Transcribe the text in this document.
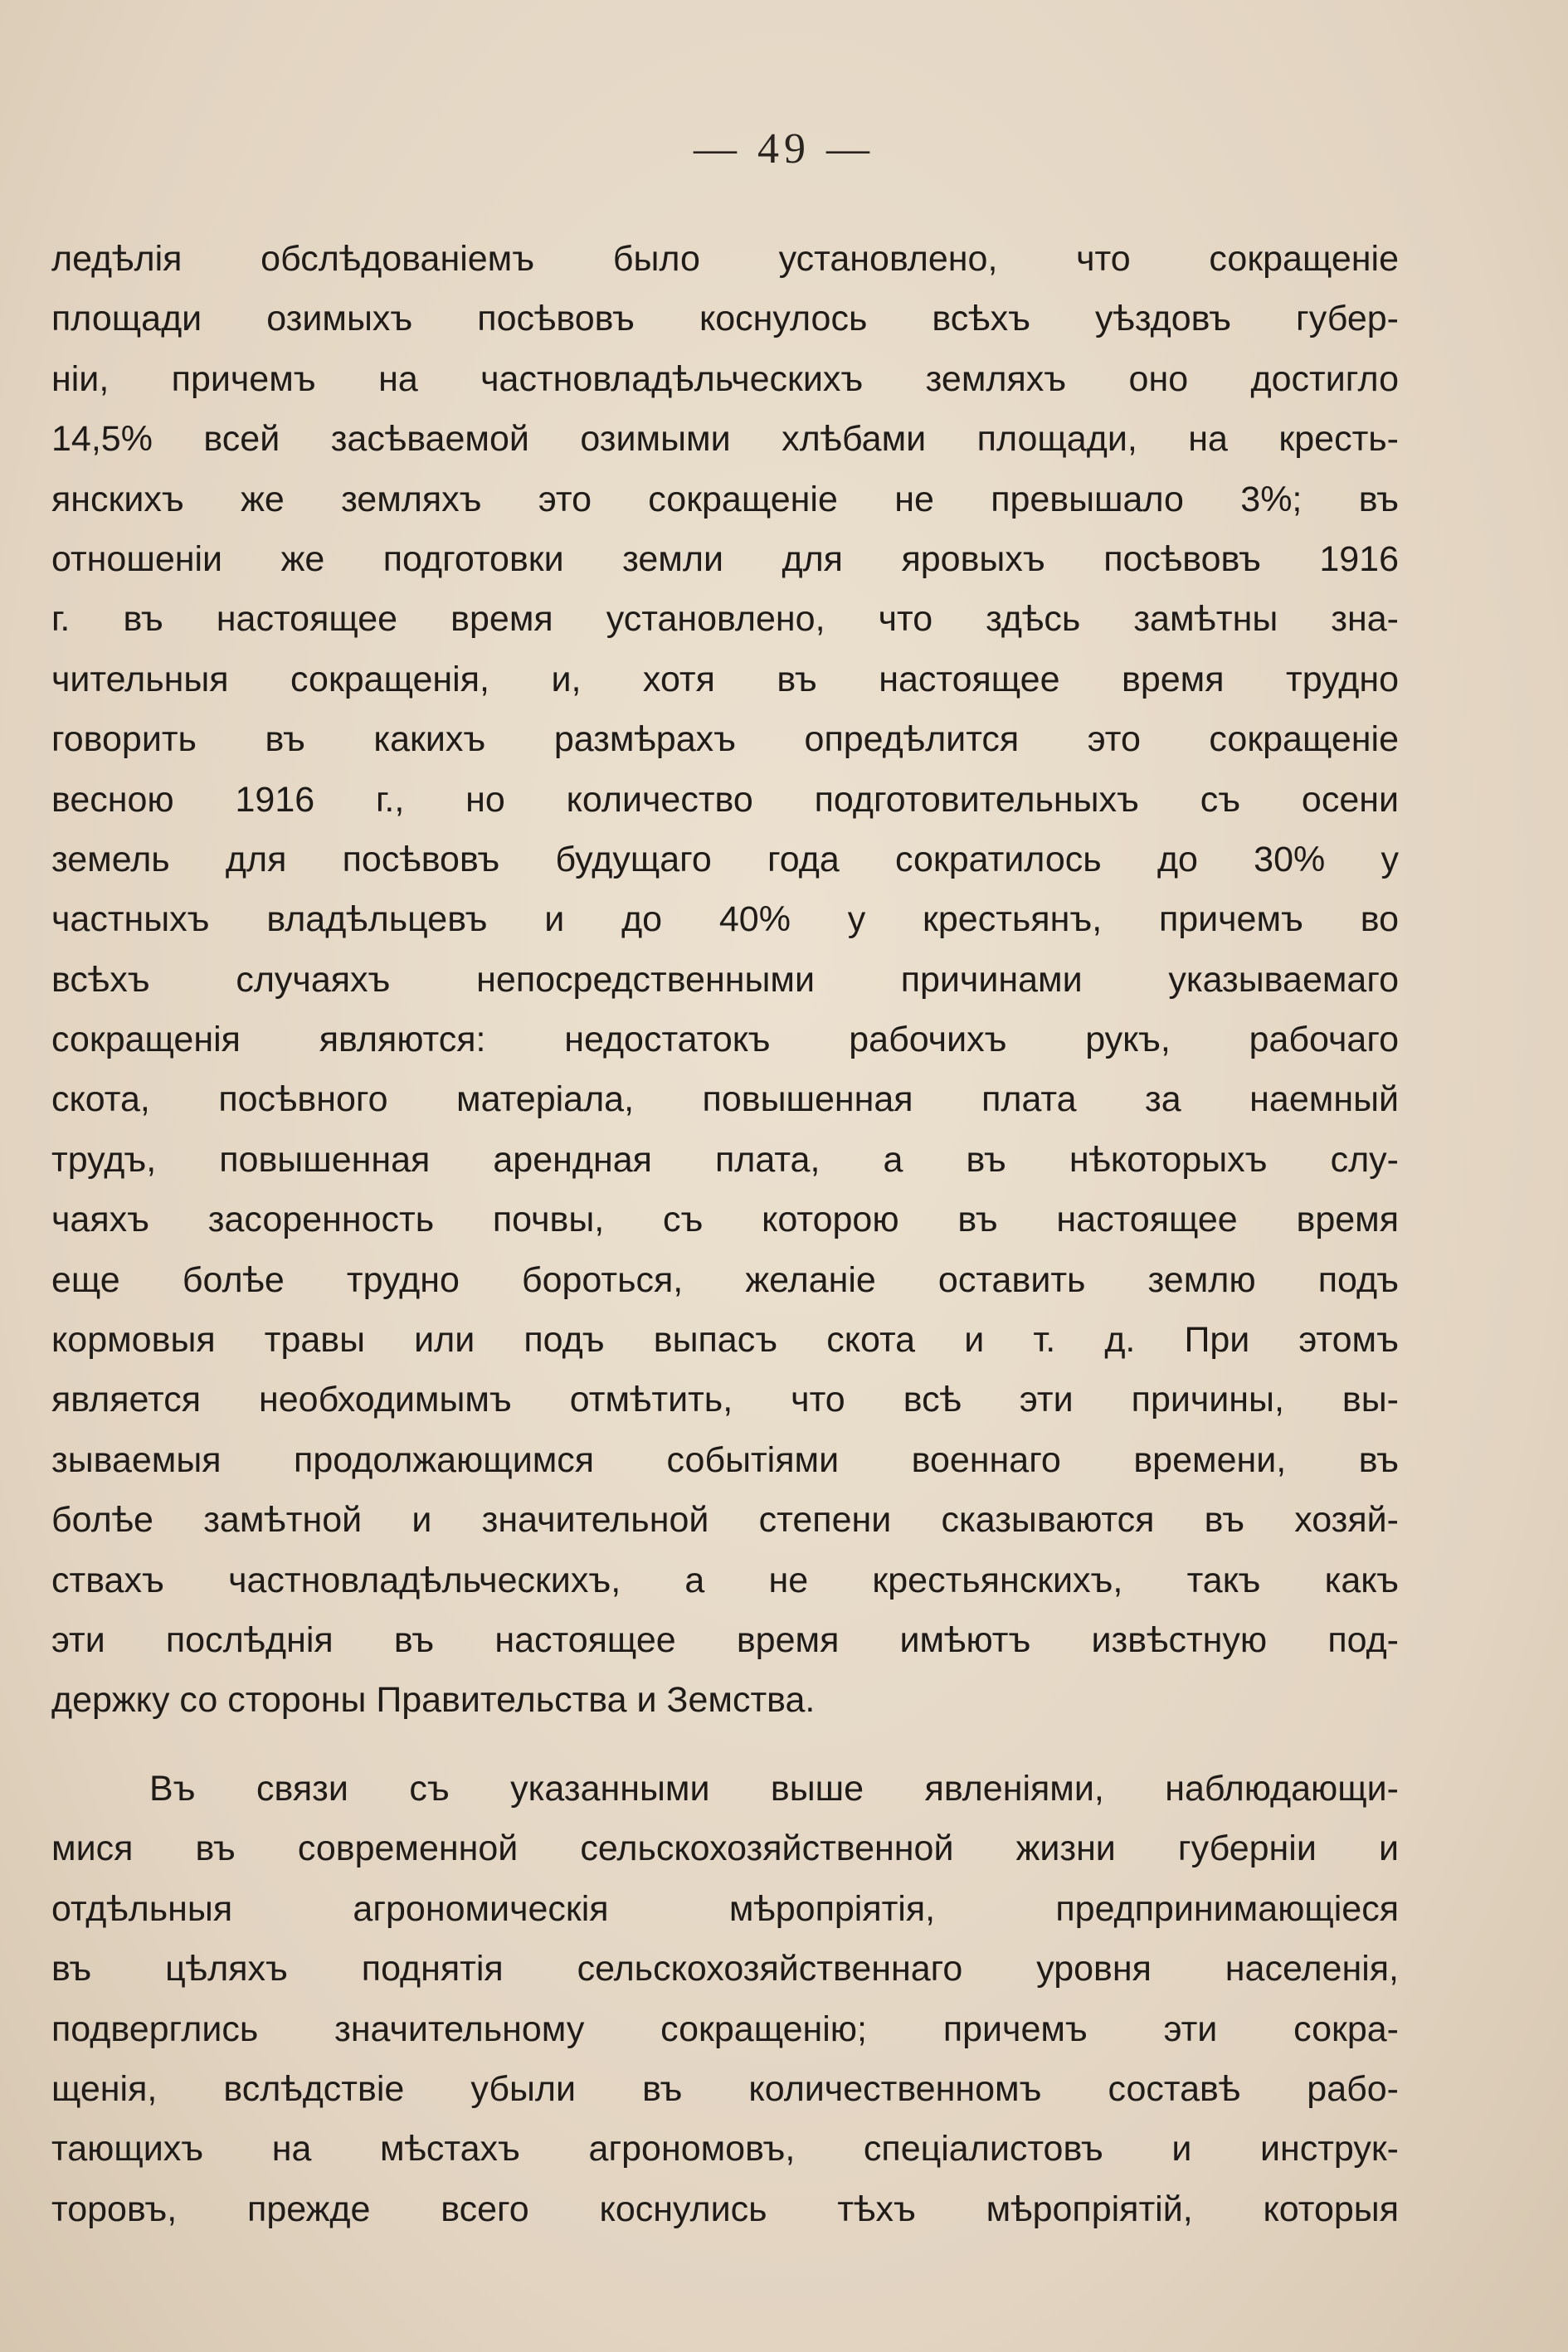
— 49 —
ледѣлія обслѣдованіемъ было установлено, что сокращеніе
площади озимыхъ посѣвовъ коснулось всѣхъ уѣздовъ губер-
ніи, причемъ на частновладѣльческихъ земляхъ оно достигло
14,5% всей засѣваемой озимыми хлѣбами площади, на кресть-
янскихъ же земляхъ это сокращеніе не превышало 3%; въ
отношеніи же подготовки земли для яровыхъ посѣвовъ 1916
г. въ настоящее время установлено, что здѣсь замѣтны зна-
чительныя сокращенія, и, хотя въ настоящее время трудно
говорить въ какихъ размѣрахъ опредѣлится это сокращеніе
весною 1916 г., но количество подготовительныхъ съ осени
земель для посѣвовъ будущаго года сократилось до 30% у
частныхъ владѣльцевъ и до 40% у крестьянъ, причемъ во
всѣхъ случаяхъ непосредственными причинами указываемаго
сокращенія являются: недостатокъ рабочихъ рукъ, рабочаго
скота, посѣвного матеріала, повышенная плата за наемный
трудъ, повышенная арендная плата, а въ нѣкоторыхъ слу-
чаяхъ засоренность почвы, съ которою въ настоящее время
еще болѣе трудно бороться, желаніе оставить землю подъ
кормовыя травы или подъ выпасъ скота и т. д. При этомъ
является необходимымъ отмѣтить, что всѣ эти причины, вы-
зываемыя продолжающимся событіями военнаго времени, въ
болѣе замѣтной и значительной степени сказываются въ хозяй-
ствахъ частновладѣльческихъ, а не крестьянскихъ, такъ какъ
эти послѣднія въ настоящее время имѣютъ извѣстную под-
держку со стороны Правительства и Земства.
Въ связи съ указанными выше явленіями, наблюдающи-
мися въ современной сельскохозяйственной жизни губерніи и
отдѣльныя агрономическія мѣропріятія, предпринимающіеся
въ цѣляхъ поднятія сельскохозяйственнаго уровня населенія,
подверглись значительному сокращенію; причемъ эти сокра-
щенія, вслѣдствіе убыли въ количественномъ составѣ рабо-
тающихъ на мѣстахъ агрономовъ, спеціалистовъ и инструк-
торовъ, прежде всего коснулись тѣхъ мѣропріятій, которыя
